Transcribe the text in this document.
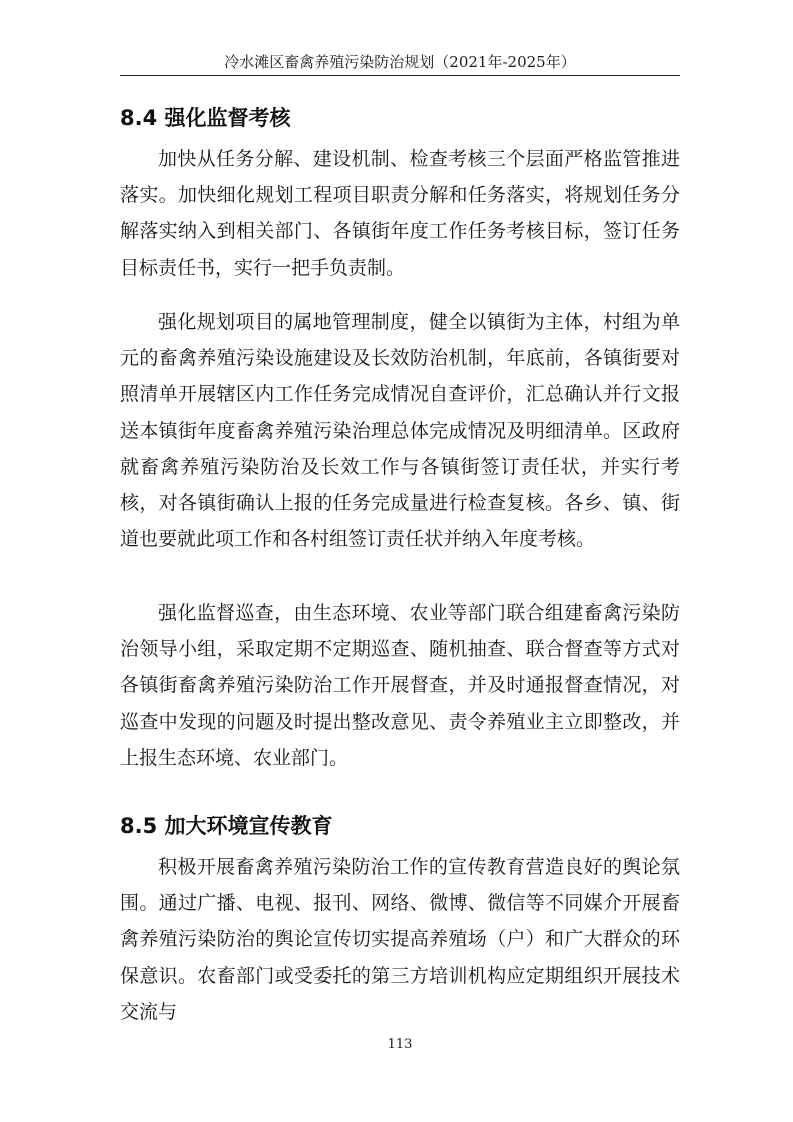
冷水滩区畜禽养殖污染防治规划（2021年-2025年）
8.4 强化监督考核
加快从任务分解、建设机制、检查考核三个层面严格监管推进落实。加快细化规划工程项目职责分解和任务落实，将规划任务分解落实纳入到相关部门、各镇街年度工作任务考核目标，签订任务目标责任书，实行一把手负责制。
强化规划项目的属地管理制度，健全以镇街为主体，村组为单元的畜禽养殖污染设施建设及长效防治机制，年底前，各镇街要对照清单开展辖区内工作任务完成情况自查评价，汇总确认并行文报送本镇街年度畜禽养殖污染治理总体完成情况及明细清单。区政府就畜禽养殖污染防治及长效工作与各镇街签订责任状，并实行考核，对各镇街确认上报的任务完成量进行检查复核。各乡、镇、街道也要就此项工作和各村组签订责任状并纳入年度考核。
强化监督巡查，由生态环境、农业等部门联合组建畜禽污染防治领导小组，采取定期不定期巡查、随机抽查、联合督查等方式对各镇街畜禽养殖污染防治工作开展督查，并及时通报督查情况，对巡查中发现的问题及时提出整改意见、责令养殖业主立即整改，并上报生态环境、农业部门。
8.5 加大环境宣传教育
积极开展畜禽养殖污染防治工作的宣传教育营造良好的舆论氛围。通过广播、电视、报刊、网络、微博、微信等不同媒介开展畜禽养殖污染防治的舆论宣传切实提高养殖场（户）和广大群众的环保意识。农畜部门或受委托的第三方培训机构应定期组织开展技术交流与
113
